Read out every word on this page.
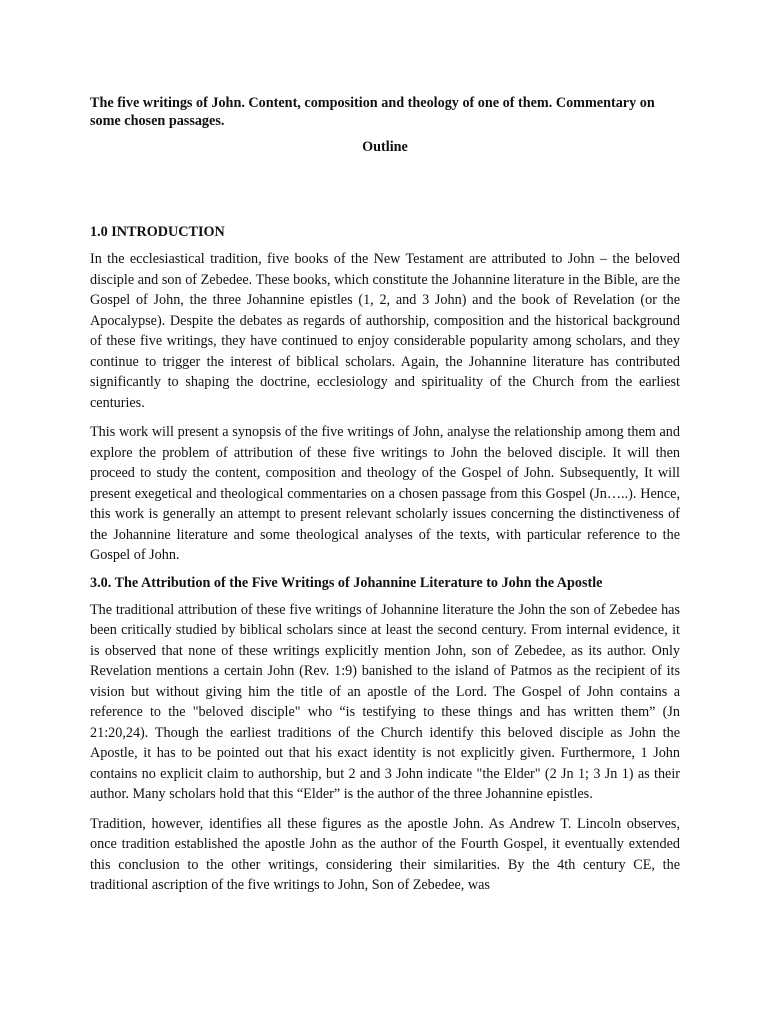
The five writings of John. Content, composition and theology of one of them. Commentary on some chosen passages.

Outline

1.0 INTRODUCTION

In the ecclesiastical tradition, five books of the New Testament are attributed to John – the beloved disciple and son of Zebedee. These books, which constitute the Johannine literature in the Bible, are the Gospel of John, the three Johannine epistles (1, 2, and 3 John) and the book of Revelation (or the Apocalypse). Despite the debates as regards of authorship, composition and the historical background of these five writings, they have continued to enjoy considerable popularity among scholars, and they continue to trigger the interest of biblical scholars. Again, the Johannine literature has contributed significantly to shaping the doctrine, ecclesiology and spirituality of the Church from the earliest centuries.

This work will present a synopsis of the five writings of John, analyse the relationship among them and explore the problem of attribution of these five writings to John the beloved disciple. It will then proceed to study the content, composition and theology of the Gospel of John. Subsequently, It will present exegetical and theological commentaries on a chosen passage from this Gospel (Jn…..). Hence, this work is generally an attempt to present relevant scholarly issues concerning the distinctiveness of the Johannine literature and some theological analyses of the texts, with particular reference to the Gospel of John.

3.0. The Attribution of the Five Writings of Johannine Literature to John the Apostle

The traditional attribution of these five writings of Johannine literature the John the son of Zebedee has been critically studied by biblical scholars since at least the second century. From internal evidence, it is observed that none of these writings explicitly mention John, son of Zebedee, as its author. Only Revelation mentions a certain John (Rev. 1:9) banished to the island of Patmos as the recipient of its vision but without giving him the title of an apostle of the Lord. The Gospel of John contains a reference to the "beloved disciple" who “is testifying to these things and has written them” (Jn 21:20,24). Though the earliest traditions of the Church identify this beloved disciple as John the Apostle, it has to be pointed out that his exact identity is not explicitly given. Furthermore, 1 John contains no explicit claim to authorship, but 2 and 3 John indicate "the Elder" (2 Jn 1; 3 Jn 1) as their author. Many scholars hold that this “Elder” is the author of the three Johannine epistles.

Tradition, however, identifies all these figures as the apostle John. As Andrew T. Lincoln observes, once tradition established the apostle John as the author of the Fourth Gospel, it eventually extended this conclusion to the other writings, considering their similarities. By the 4th century CE, the traditional ascription of the five writings to John, Son of Zebedee, was
